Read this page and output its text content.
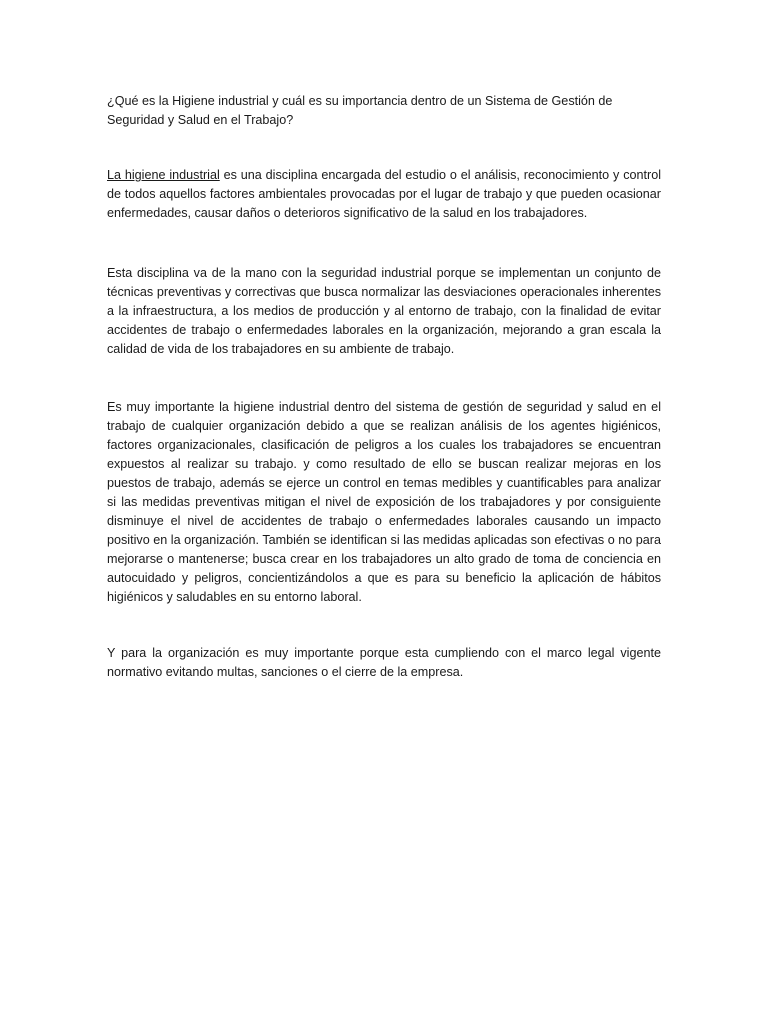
¿Qué es la Higiene industrial y cuál es su importancia dentro de un Sistema de Gestión de Seguridad y Salud en el Trabajo?
La higiene industrial es una disciplina encargada del estudio o el análisis, reconocimiento y control de todos aquellos factores ambientales provocadas por el lugar de trabajo y que pueden ocasionar enfermedades, causar daños o deterioros significativo de la salud en los trabajadores.
Esta disciplina va de la mano con la seguridad industrial porque se implementan un conjunto de técnicas preventivas y correctivas que busca normalizar las desviaciones operacionales inherentes a la infraestructura, a los medios de producción y al entorno de trabajo, con la finalidad de evitar accidentes de trabajo o enfermedades laborales en la organización, mejorando a gran escala la calidad de vida de los trabajadores en su ambiente de trabajo.
Es muy importante la higiene industrial dentro del sistema de gestión de seguridad y salud en el trabajo de cualquier organización debido a que se realizan análisis de los agentes higiénicos, factores organizacionales, clasificación de peligros a los cuales los trabajadores se encuentran expuestos al realizar su trabajo. y como resultado de ello se buscan realizar mejoras en los puestos de trabajo, además se ejerce un control en temas medibles y cuantificables para analizar si las medidas preventivas mitigan el nivel de exposición de los trabajadores y por consiguiente disminuye el nivel de accidentes de trabajo o enfermedades laborales causando un impacto positivo en la organización. También se identifican si las medidas aplicadas son efectivas o no para mejorarse o mantenerse; busca crear en los trabajadores un alto grado de toma de conciencia en autocuidado y peligros, concientizándolos a que es para su beneficio la aplicación de hábitos higiénicos y saludables en su entorno laboral.
Y para la organización es muy importante porque esta cumpliendo con el marco legal vigente normativo evitando multas, sanciones o el cierre de la empresa.
